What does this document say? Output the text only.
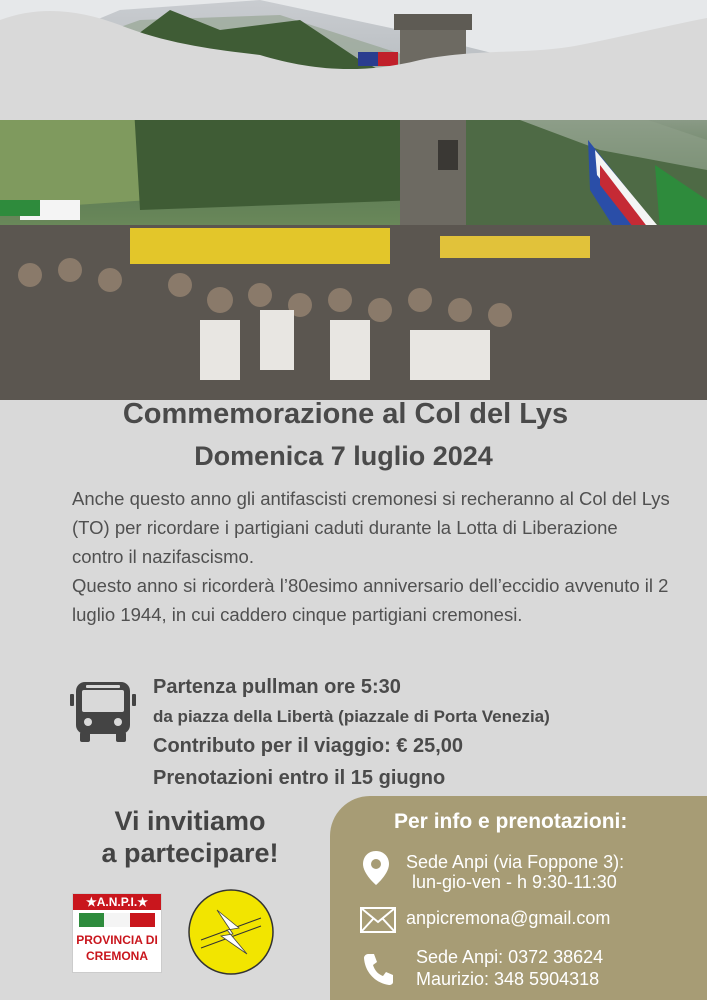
Commemorazione al Col del Lys
Domenica 7 luglio 2024

Anche questo anno gli antifascisti cremonesi si recheranno al Col del Lys (TO) per ricordare i partigiani caduti durante la Lotta di Liberazione contro il nazifascismo.

Questo anno si ricorderà l’80esimo anniversario dell’eccidio avvenuto il 2 luglio 1944, in cui caddero cinque partigiani cremonesi.

Partenza pullman ore 5:30
da piazza della Libertà (piazzale di Porta Venezia)
Contributo per il viaggio: € 25,00
Prenotazioni entro il 15 giugno
Vi invitiamo
a partecipare!
★A.N.P.I.★
PROVINCIA DI
CREMONA
Per info e prenotazioni:
Sede Anpi (via Foppone 3):
lun-gio-ven - h 9:30-11:30
anpicremona@gmail.com
Sede Anpi: 0372 38624
Maurizio: 348 5904318
